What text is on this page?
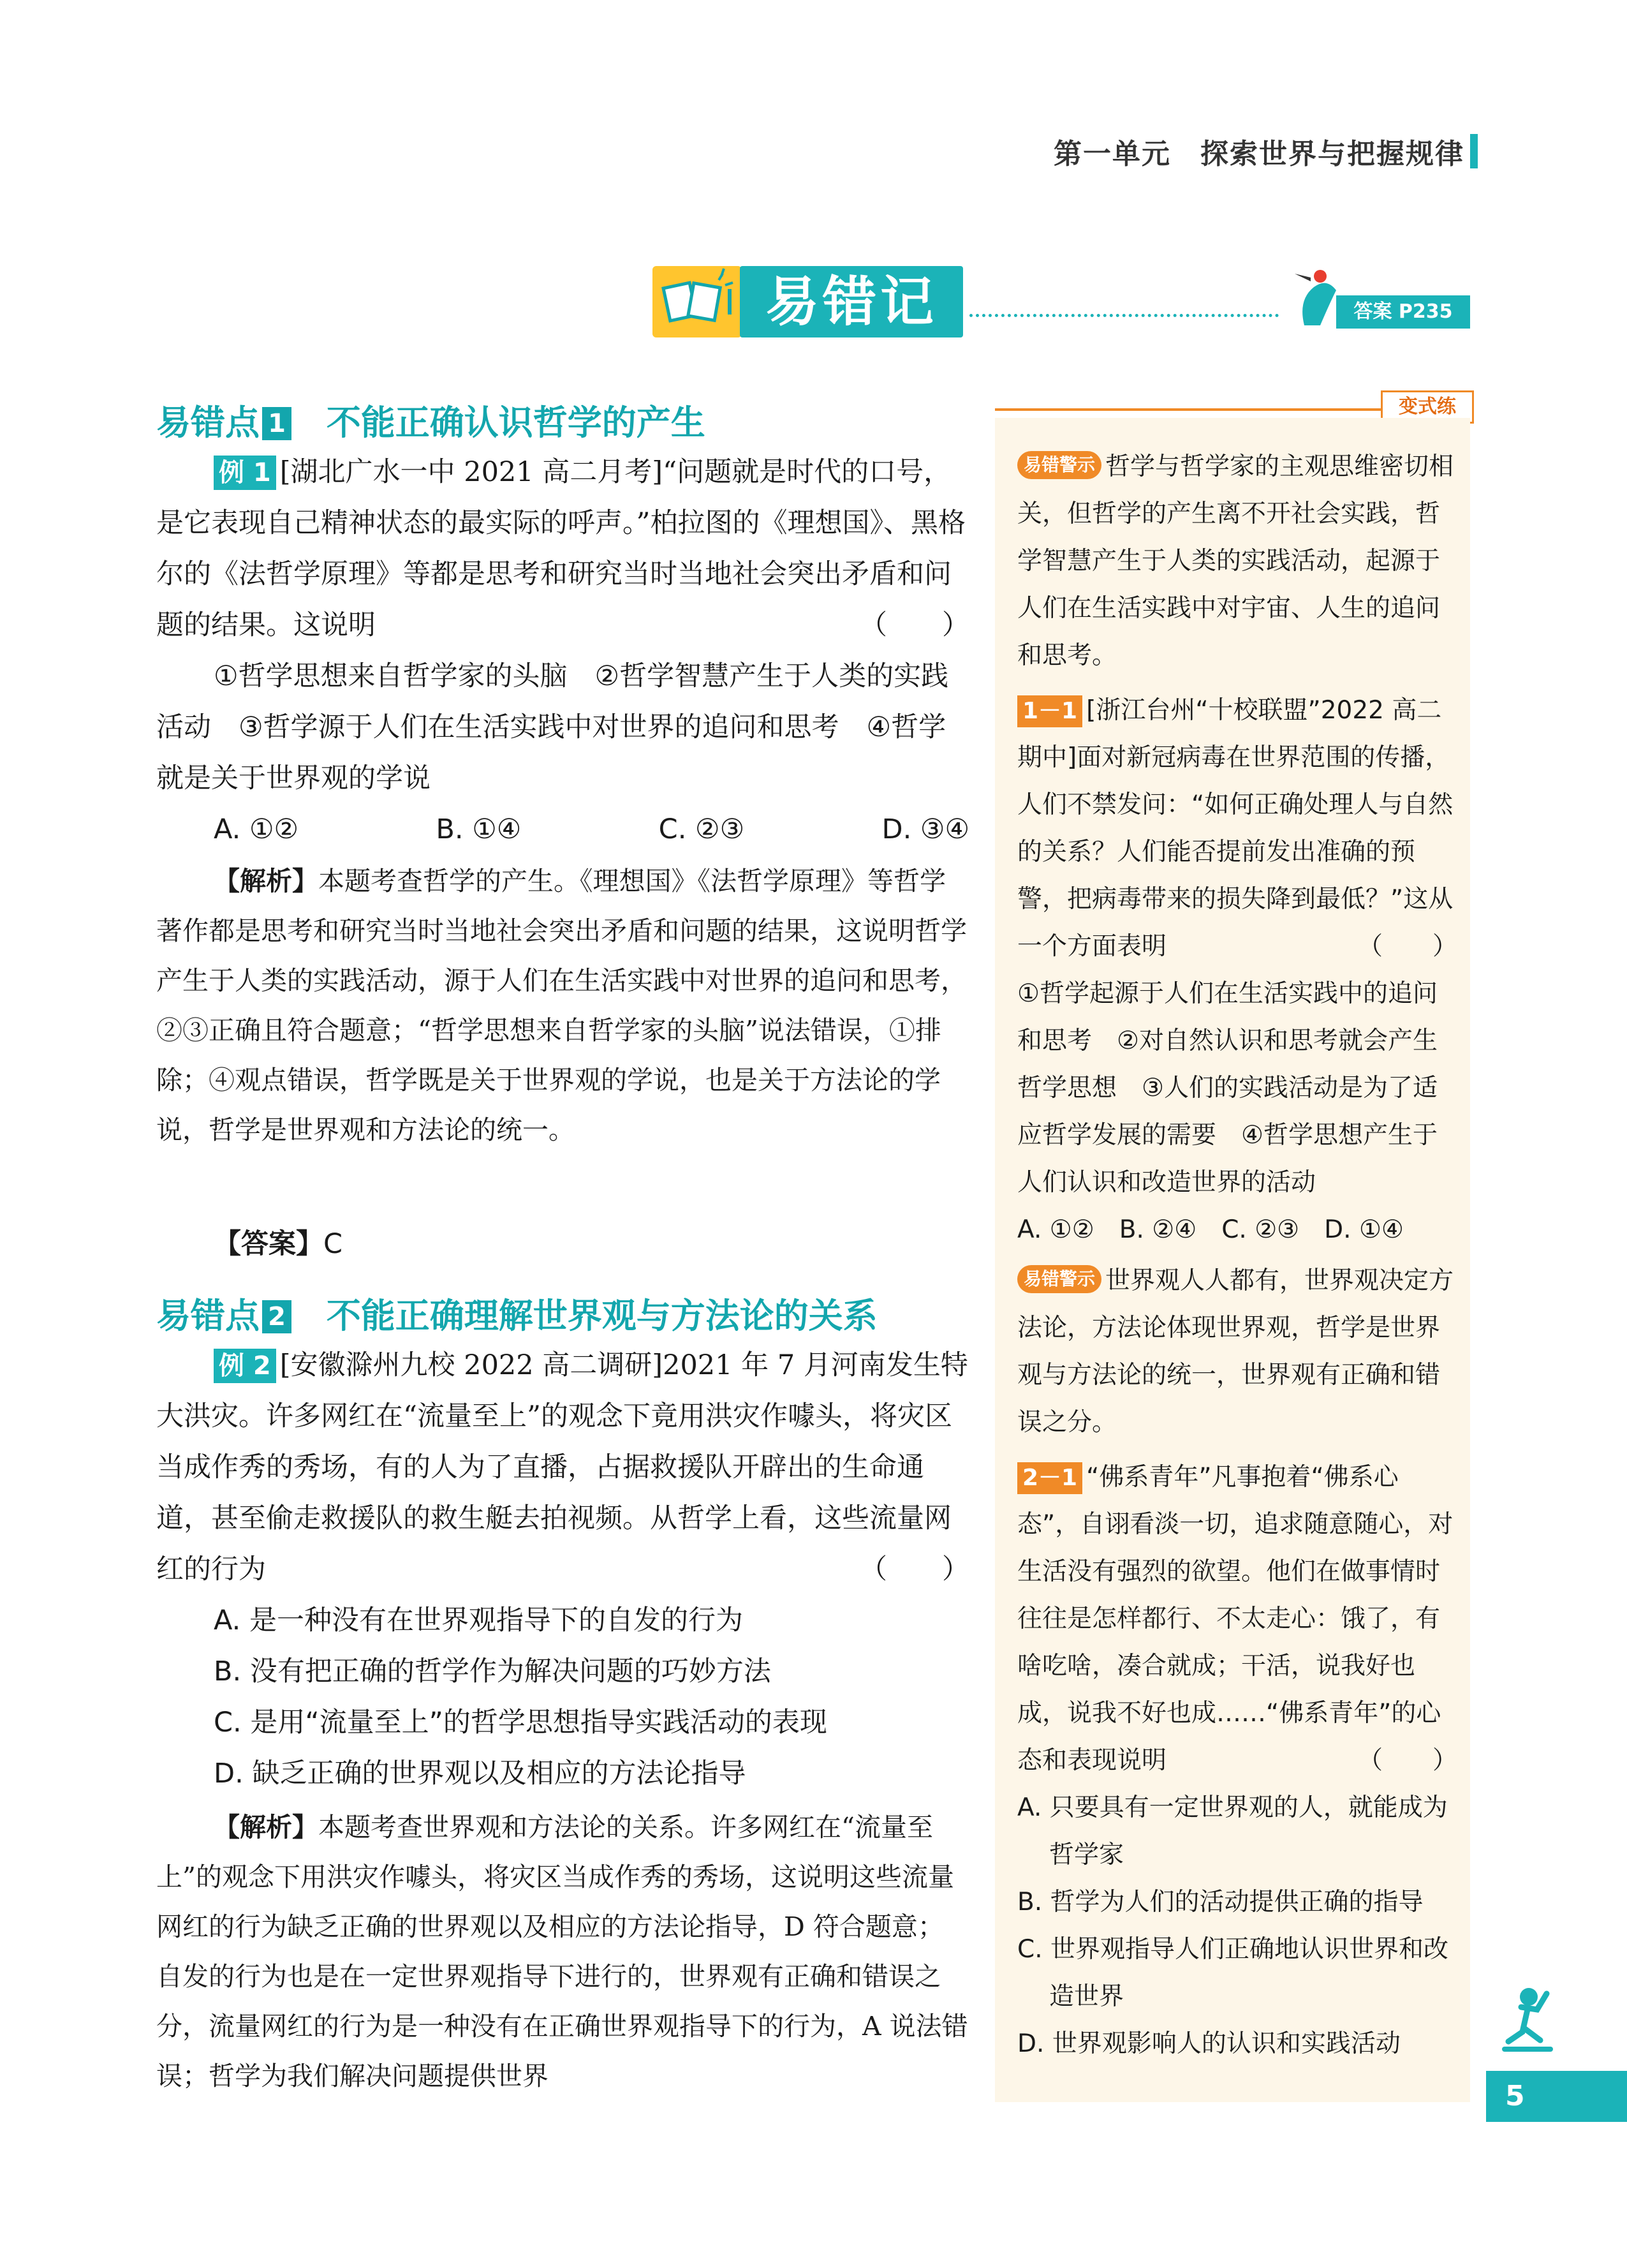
第一单元　探索世界与把握规律
易错记	答案 P235
易错点 1 不能正确认识哲学的产生
例 1 [湖北广水一中 2021 高二月考]“问题就是时代的口号，是它表现自己精神状态的最实际的呼声。”柏拉图的《理想国》、黑格尔的《法哲学原理》等都是思考和研究当时当地社会突出矛盾和问题的结果。这说明	（　　）
①哲学思想来自哲学家的头脑　②哲学智慧产生于人类的实践活动　③哲学源于人们在生活实践中对世界的追问和思考　④哲学就是关于世界观的学说
A. ①②	B. ①④	C. ②③	D. ③④
【解析】本题考查哲学的产生。《理想国》《法哲学原理》等哲学著作都是思考和研究当时当地社会突出矛盾和问题的结果，这说明哲学产生于人类的实践活动，源于人们在生活实践中对世界的追问和思考，②③正确且符合题意；“哲学思想来自哲学家的头脑”说法错误，①排除；④观点错误，哲学既是关于世界观的学说，也是关于方法论的学说，哲学是世界观和方法论的统一。
【答案】C
易错点 2 不能正确理解世界观与方法论的关系
例 2 [安徽滁州九校 2022 高二调研]2021 年 7 月河南发生特大洪灾。许多网红在“流量至上”的观念下竟用洪灾作噱头，将灾区当成作秀的秀场，有的人为了直播，占据救援队开辟出的生命通道，甚至偷走救援队的救生艇去拍视频。从哲学上看，这些流量网红的行为	（　　）
A. 是一种没有在世界观指导下的自发的行为
B. 没有把正确的哲学作为解决问题的巧妙方法
C. 是用“流量至上”的哲学思想指导实践活动的表现
D. 缺乏正确的世界观以及相应的方法论指导
【解析】本题考查世界观和方法论的关系。许多网红在“流量至上”的观念下用洪灾作噱头，将灾区当成作秀的秀场，这说明这些流量网红的行为缺乏正确的世界观以及相应的方法论指导，D 符合题意；自发的行为也是在一定世界观指导下进行的，世界观有正确和错误之分，流量网红的行为是一种没有在正确世界观指导下的行为，A 说法错误；哲学为我们解决问题提供世界
变式练
易错警示 哲学与哲学家的主观思维密切相关，但哲学的产生离不开社会实践，哲学智慧产生于人类的实践活动，起源于人们在生活实践中对宇宙、人生的追问和思考。
1－1 [浙江台州“十校联盟”2022 高二期中]面对新冠病毒在世界范围的传播，人们不禁发问：“如何正确处理人与自然的关系？人们能否提前发出准确的预警，把病毒带来的损失降到最低？”这从一个方面表明	（　　）
①哲学起源于人们在生活实践中的追问和思考　②对自然认识和思考就会产生哲学思想　③人们的实践活动是为了适应哲学发展的需要　④哲学思想产生于人们认识和改造世界的活动
A. ①②　B. ②④　C. ②③　D. ①④
易错警示 世界观人人都有，世界观决定方法论，方法论体现世界观，哲学是世界观与方法论的统一，世界观有正确和错误之分。
2－1 “佛系青年”凡事抱着“佛系心态”，自诩看淡一切，追求随意随心，对生活没有强烈的欲望。他们在做事情时往往是怎样都行、不太走心：饿了，有啥吃啥，凑合就成；干活，说我好也成，说我不好也成……“佛系青年”的心态和表现说明	（　　）
A. 只要具有一定世界观的人，就能成为哲学家
B. 哲学为人们的活动提供正确的指导
C. 世界观指导人们正确地认识世界和改造世界
D. 世界观影响人的认识和实践活动
5
